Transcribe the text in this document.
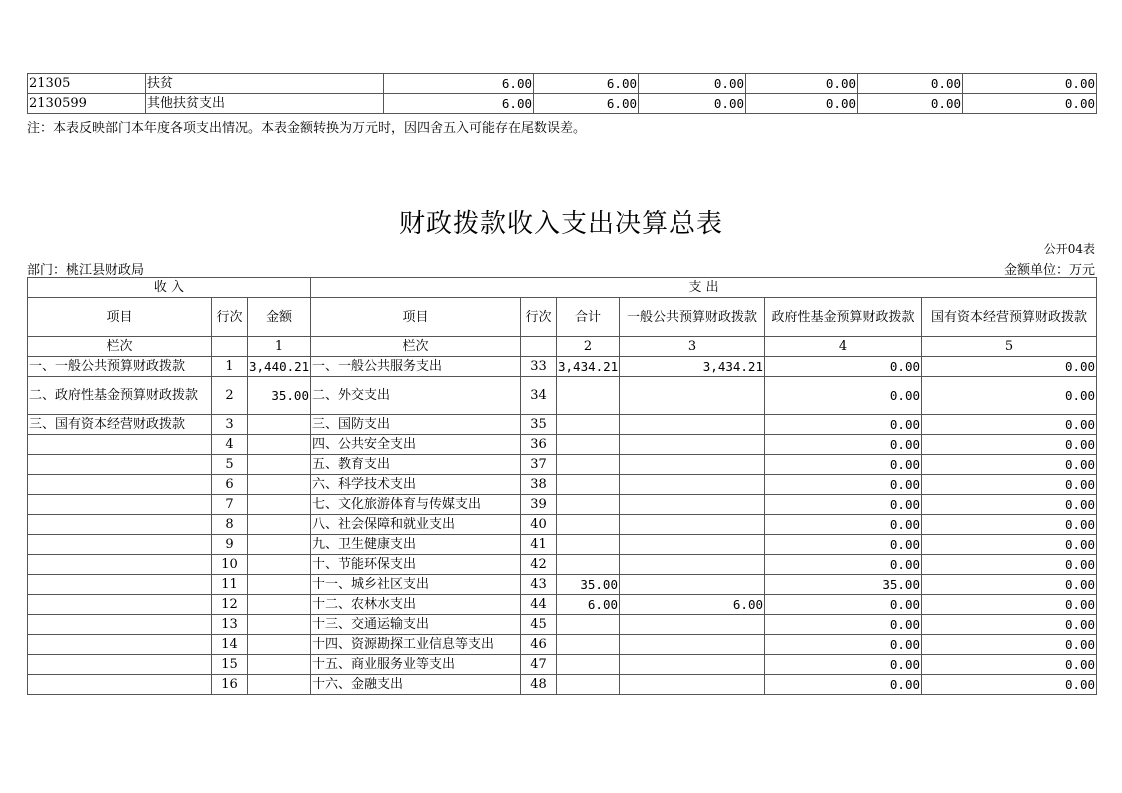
21305	扶贫	6.00	6.00	0.00	0.00	0.00	0.00
2130599	其他扶贫支出	6.00	6.00	0.00	0.00	0.00	0.00
注：本表反映部门本年度各项支出情况。本表金额转换为万元时，因四舍五入可能存在尾数误差。
财政拨款收入支出决算总表
公开04表
部门：桃江县财政局	金额单位：万元
收 入			支 出					
项目	行次	金额	项目	行次	合计	一般公共预算财政拨款	政府性基金预算财政拨款	国有资本经营预算财政拨款
栏次		1	栏次		2	3	4	5
一、一般公共预算财政拨款	1	3,440.21	一、一般公共服务支出	33	3,434.21	3,434.21	0.00	0.00
二、政府性基金预算财政拨款	2	35.00	二、外交支出	34			0.00	0.00
三、国有资本经营财政拨款	3		三、国防支出	35			0.00	0.00
	4		四、公共安全支出	36			0.00	0.00
	5		五、教育支出	37			0.00	0.00
	6		六、科学技术支出	38			0.00	0.00
	7		七、文化旅游体育与传媒支出	39			0.00	0.00
	8		八、社会保障和就业支出	40			0.00	0.00
	9		九、卫生健康支出	41			0.00	0.00
	10		十、节能环保支出	42			0.00	0.00
	11		十一、城乡社区支出	43	35.00		35.00	0.00
	12		十二、农林水支出	44	6.00	6.00	0.00	0.00
	13		十三、交通运输支出	45			0.00	0.00
	14		十四、资源勘探工业信息等支出	46			0.00	0.00
	15		十五、商业服务业等支出	47			0.00	0.00
	16		十六、金融支出	48			0.00	0.00
